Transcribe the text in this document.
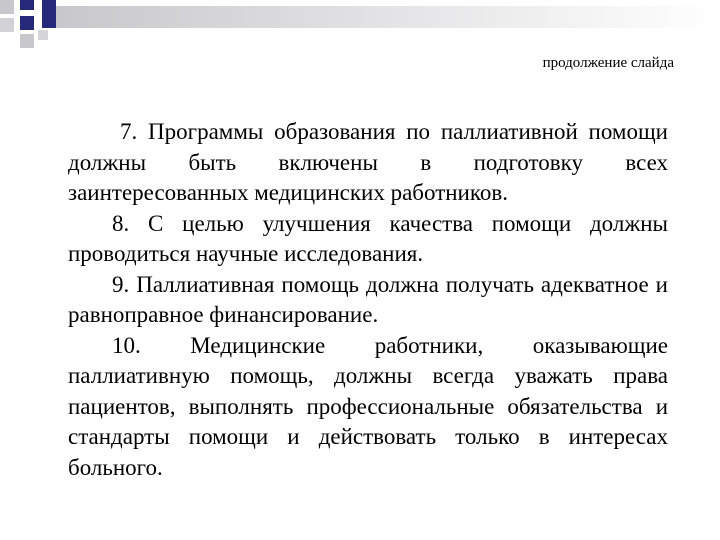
продолжение слайда

7. Программы образования по паллиативной помощи должны быть включены в подготовку всех заинтересованных медицинских работников.

8. С целью улучшения качества помощи должны проводиться научные исследования.

9. Паллиативная помощь должна получать адекватное и равноправное финансирование.

10. Медицинские работники, оказывающие паллиативную помощь, должны всегда уважать права пациентов, выполнять профессиональные обязательства и стандарты помощи и действовать только в интересах больного.
